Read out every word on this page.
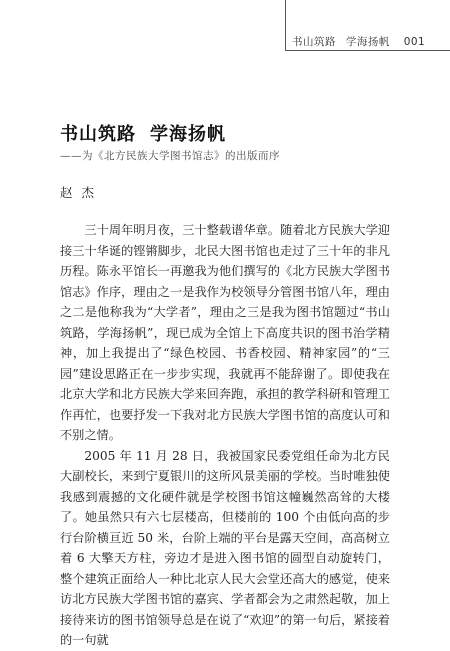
书山筑路 学海扬帆 001
书山筑路 学海扬帆
——为《北方民族大学图书馆志》的出版而序
赵杰

三十周年明月夜，三十整载谱华章。随着北方民族大学迎接三十华诞的铿锵脚步，北民大图书馆也走过了三十年的非凡历程。陈永平馆长一再邀我为他们撰写的《北方民族大学图书馆志》作序，理由之一是我作为校领导分管图书馆八年，理由之二是他称我为“大学者”，理由之三是我为图书馆题过“书山筑路，学海扬帆”，现已成为全馆上下高度共识的图书治学精神，加上我提出了“绿色校园、书香校园、精神家园”的“三园”建设思路正在一步步实现，我就再不能辞谢了。即使我在北京大学和北方民族大学来回奔跑，承担的教学科研和管理工作再忙，也要抒发一下我对北方民族大学图书馆的高度认可和不别之情。

2005 年 11 月 28 日，我被国家民委党组任命为北方民大副校长，来到宁夏银川的这所风景美丽的学校。当时唯独使我感到震撼的文化硬件就是学校图书馆这幢巍然高耸的大楼了。她虽然只有六七层楼高，但楼前的 100 个由低向高的步行台阶横亘近 50 米，台阶上端的平台是露天空间，高高树立着 6 大擎天方柱，旁边才是进入图书馆的圆型自动旋转门，整个建筑正面给人一种比北京人民大会堂还高大的感觉，使来访北方民族大学图书馆的嘉宾、学者都会为之肃然起敬，加上接待来访的图书馆领导总是在说了“欢迎”的第一句后，紧接着的一句就
